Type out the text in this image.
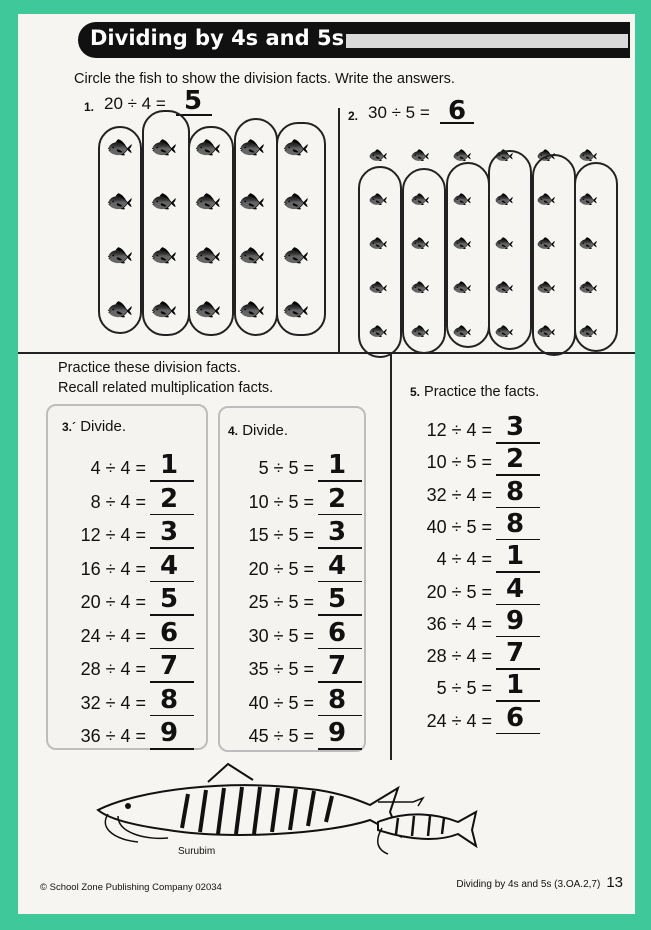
Dividing by 4s and 5s
Circle the fish to show the division facts. Write the answers.
1. 20 ÷ 4 = 5
🐟
🐟
🐟
🐟
🐟
🐟
🐟
🐟
🐟
🐟
🐟
🐟
🐟
🐟
🐟
🐟
🐟
🐟
🐟
🐟
2. 30 ÷ 5 = 6
🐟
🐟
🐟
🐟
🐟
🐟
🐟
🐟
🐟
🐟
🐟
🐟
🐟
🐟
🐟
🐟
🐟
🐟
🐟
🐟
🐟
🐟
🐟
🐟
🐟
🐟
🐟
🐟
🐟
🐟
Practice these division facts.
Recall related multiplication facts.
3.´ Divide.
4 ÷ 4 = 1
8 ÷ 4 = 2
12 ÷ 4 = 3
16 ÷ 4 = 4
20 ÷ 4 = 5
24 ÷ 4 = 6
28 ÷ 4 = 7
32 ÷ 4 = 8
36 ÷ 4 = 9
4. Divide.
5 ÷ 5 = 1
10 ÷ 5 = 2
15 ÷ 5 = 3
20 ÷ 5 = 4
25 ÷ 5 = 5
30 ÷ 5 = 6
35 ÷ 5 = 7
40 ÷ 5 = 8
45 ÷ 5 = 9
5. Practice the facts.
12 ÷ 4 = 3
10 ÷ 5 = 2
32 ÷ 4 = 8
40 ÷ 5 = 8
4 ÷ 4 = 1
20 ÷ 5 = 4
36 ÷ 4 = 9
28 ÷ 4 = 7
5 ÷ 5 = 1
24 ÷ 4 = 6
Surubim
© School Zone Publishing Company 02034	Dividing by 4s and 5s (3.OA.2,7) 13
